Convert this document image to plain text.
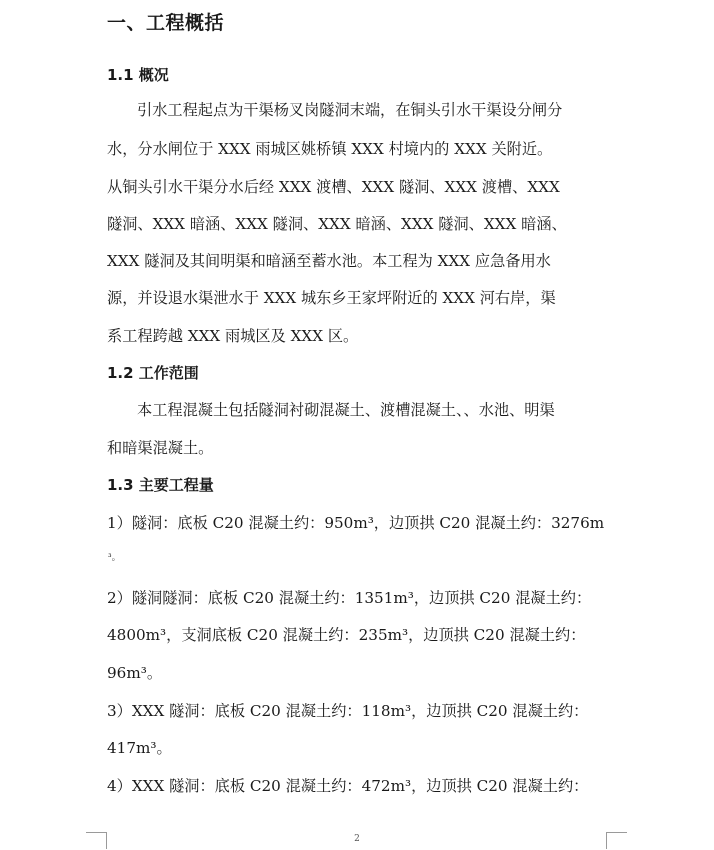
一、工程概括
1.1 概况
引水工程起点为干渠杨叉岗隧洞末端，在铜头引水干渠设分闸分
水，分水闸位于 XXX 雨城区姚桥镇 XXX 村境内的 XXX 关附近。
从铜头引水干渠分水后经 XXX 渡槽、XXX 隧洞、XXX 渡槽、XXX
隧洞、XXX 暗涵、XXX 隧洞、XXX 暗涵、XXX 隧洞、XXX 暗涵、
XXX 隧洞及其间明渠和暗涵至蓄水池。本工程为 XXX 应急备用水
源，并设退水渠泄水于 XXX 城东乡王家坪附近的 XXX 河右岸，渠
系工程跨越 XXX 雨城区及 XXX 区。
1.2 工作范围
本工程混凝土包括隧洞衬砌混凝土、渡槽混凝土、、水池、明渠
和暗渠混凝土。
1.3 主要工程量
1）隧洞：底板 C20 混凝土约：950m³，边顶拱 C20 混凝土约：3276m
³。
2）隧洞隧洞：底板 C20 混凝土约：1351m³，边顶拱 C20 混凝土约：
4800m³，支洞底板 C20 混凝土约：235m³，边顶拱 C20 混凝土约：
96m³。
3）XXX 隧洞：底板 C20 混凝土约：118m³，边顶拱 C20 混凝土约：
417m³。
4）XXX 隧洞：底板 C20 混凝土约：472m³，边顶拱 C20 混凝土约：
2
